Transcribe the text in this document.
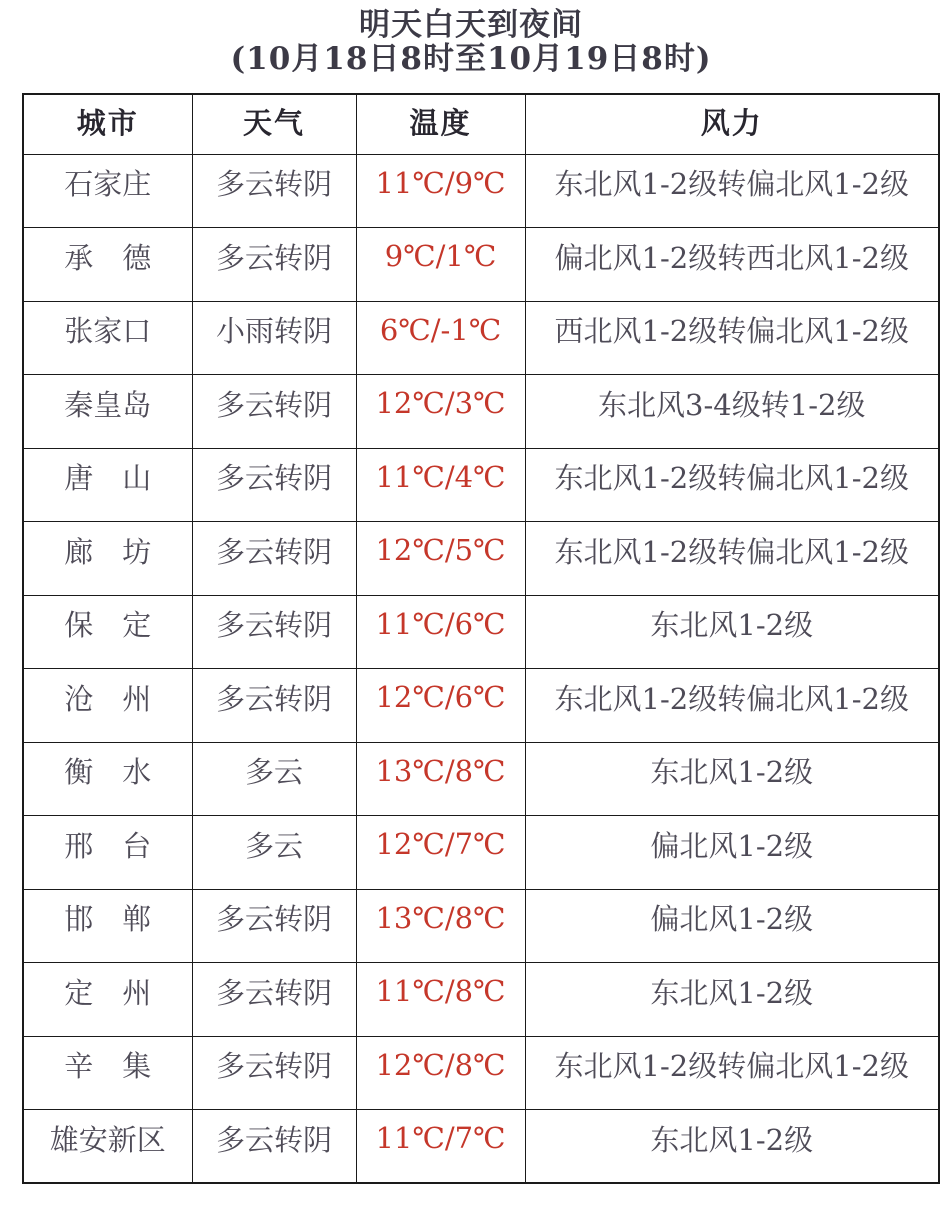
明天白天到夜间
(10月18日8时至10月19日8时)
城市	天气	温度	风力
石家庄	多云转阴	11℃/9℃	东北风1-2级转偏北风1-2级
承　德	多云转阴	9℃/1℃	偏北风1-2级转西北风1-2级
张家口	小雨转阴	6℃/-1℃	西北风1-2级转偏北风1-2级
秦皇岛	多云转阴	12℃/3℃	东北风3-4级转1-2级
唐　山	多云转阴	11℃/4℃	东北风1-2级转偏北风1-2级
廊　坊	多云转阴	12℃/5℃	东北风1-2级转偏北风1-2级
保　定	多云转阴	11℃/6℃	东北风1-2级
沧　州	多云转阴	12℃/6℃	东北风1-2级转偏北风1-2级
衡　水	多云	13℃/8℃	东北风1-2级
邢　台	多云	12℃/7℃	偏北风1-2级
邯　郸	多云转阴	13℃/8℃	偏北风1-2级
定　州	多云转阴	11℃/8℃	东北风1-2级
辛　集	多云转阴	12℃/8℃	东北风1-2级转偏北风1-2级
雄安新区	多云转阴	11℃/7℃	东北风1-2级
